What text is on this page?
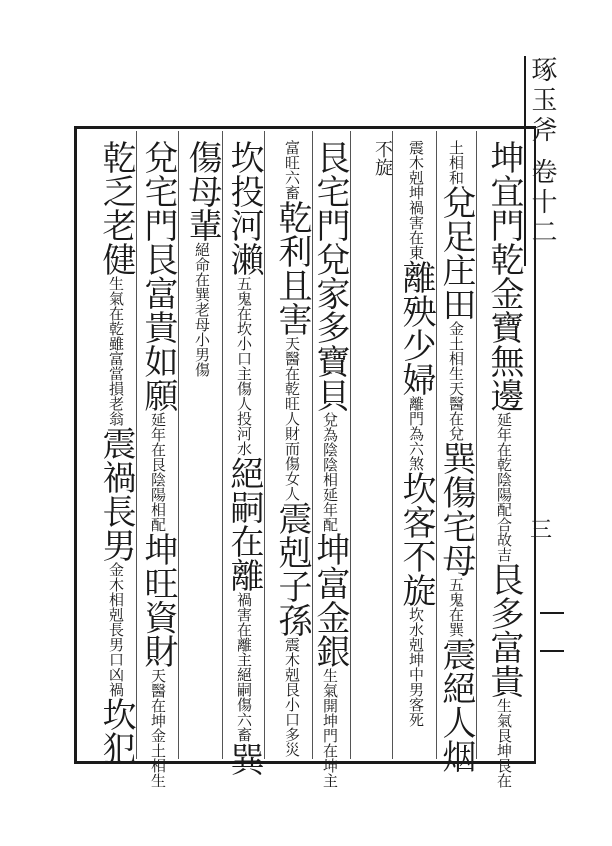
琢玉斧 卷十二
三
坤宜門乾金寶無邊延年在乾陰陽配合故吉艮多富貴生氣艮坤艮在
土相和兌足庄田金土相生天醫在兌巽傷宅母五鬼在巽震絕人烟
震木剋坤禍害在東離殃少婦離門為六煞坎客不旋坎水剋坤中男客死
不旋
艮宅門兌家多寶貝兌為陰陰相延年配坤富金銀生氣開坤門在坤主
富旺六畜乾利且害天醫在乾旺人財而傷女人震剋子孫震木剋艮小口多災
坎投河瀨五鬼在坎小口主傷人投河水絕嗣在離禍害在離主絕嗣傷六畜巽
傷母輩絕命在巽老母小男傷
兌宅門艮富貴如願延年在艮陰陽相配坤旺資財天醫在坤金土相生
乾乏老健生氣在乾雖富當損老翁震禍長男金木相剋長男口凶禍坎犯
